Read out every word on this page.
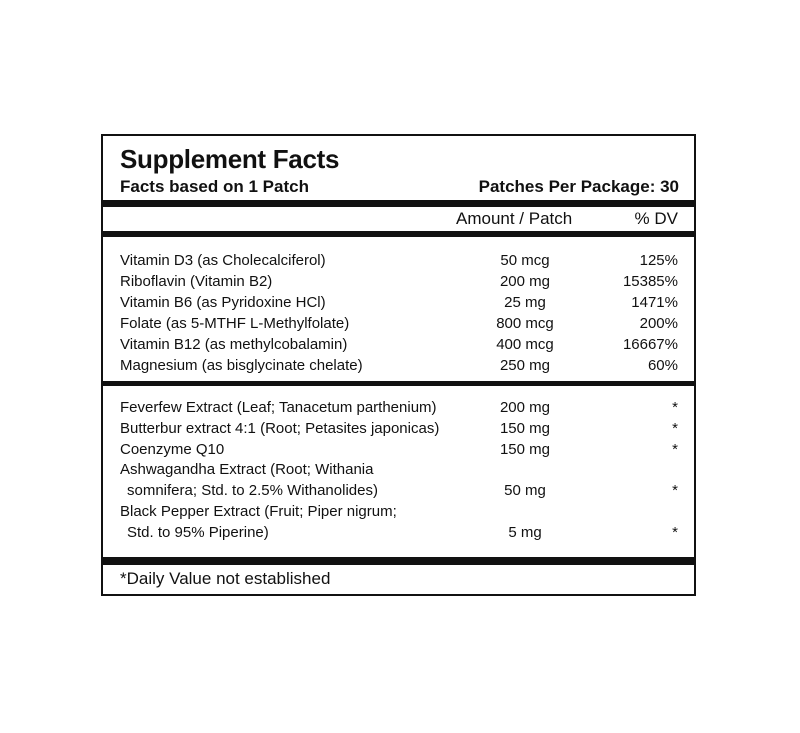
Supplement Facts
Facts based on 1 Patch	Patches Per Package: 30
Amount / Patch	% DV
Vitamin D3 (as Cholecalciferol)	50 mcg	125%
Riboflavin (Vitamin B2)	200 mg	15385%
Vitamin B6 (as Pyridoxine HCl)	25 mg	1471%
Folate (as 5-MTHF L-Methylfolate)	800 mcg	200%
Vitamin B12 (as methylcobalamin)	400 mcg	16667%
Magnesium (as bisglycinate chelate)	250 mg	60%
Feverfew Extract (Leaf; Tanacetum parthenium)	200 mg	*
Butterbur extract 4:1 (Root; Petasites japonicas)	150 mg	*
Coenzyme Q10	150 mg	*
Ashwagandha Extract (Root; Withania
somnifera; Std. to 2.5% Withanolides)	50 mg	*
Black Pepper Extract (Fruit; Piper nigrum;
Std. to 95% Piperine)	5 mg	*
*Daily Value not established
